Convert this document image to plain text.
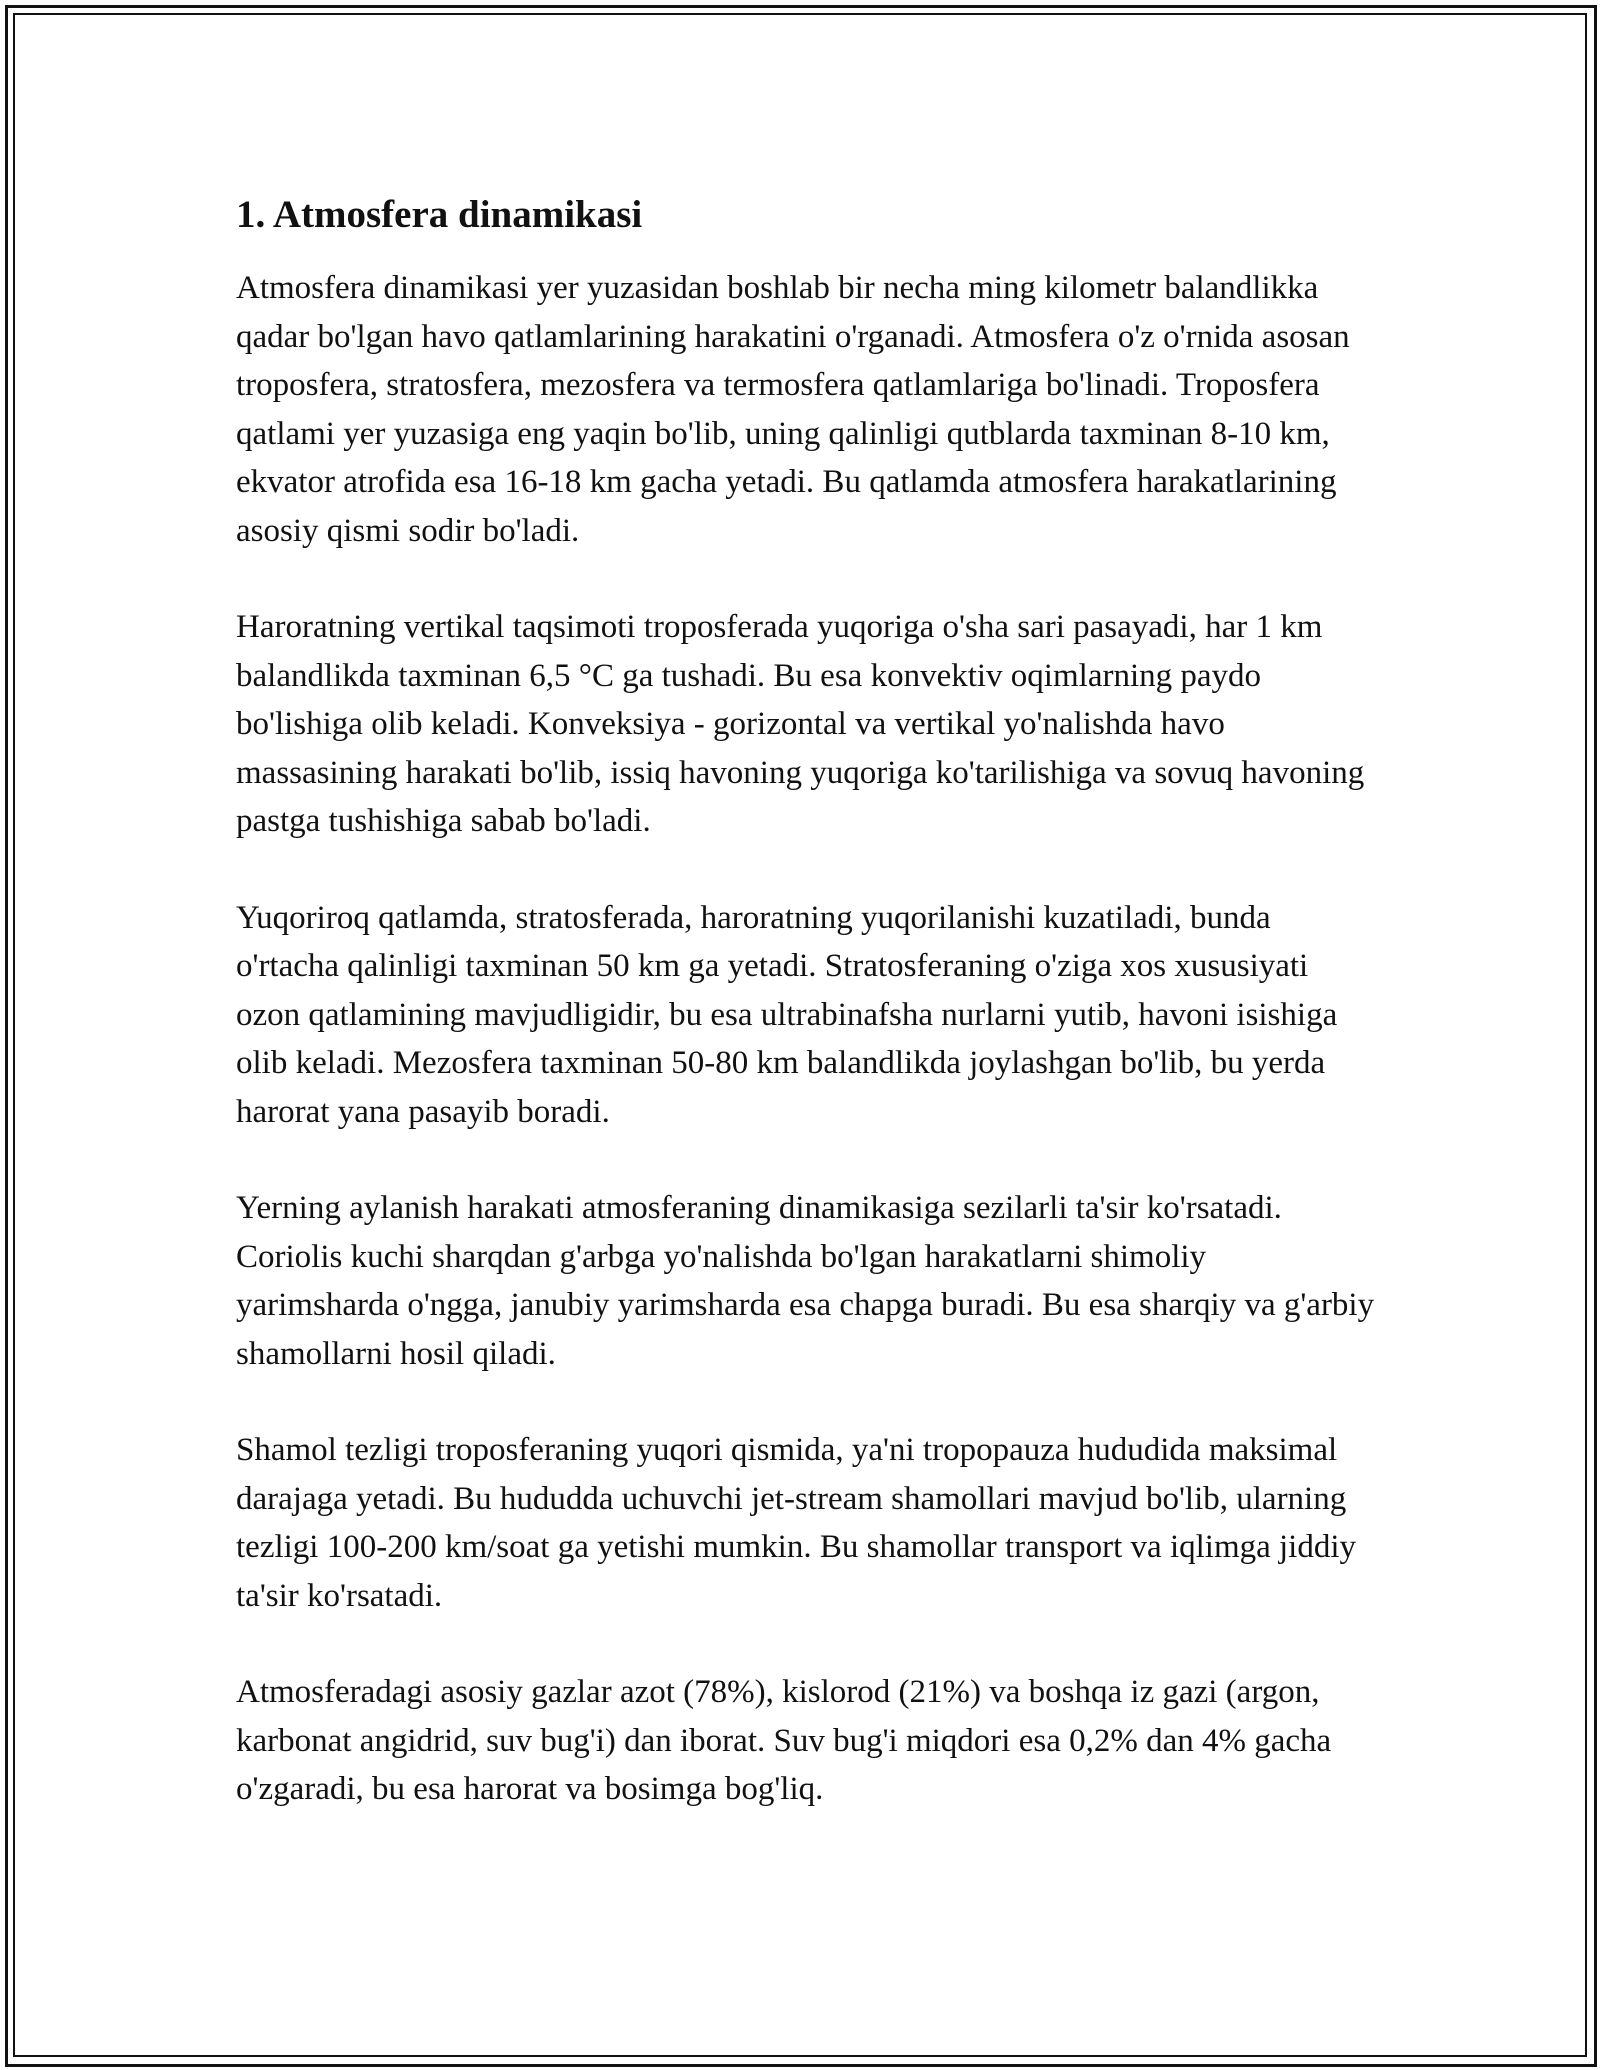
1. Atmosfera dinamikasi

Atmosfera dinamikasi yer yuzasidan boshlab bir necha ming kilometr balandlikka qadar bo'lgan havo qatlamlarining harakatini o'rganadi. Atmosfera o'z o'rnida asosan troposfera, stratosfera, mezosfera va termosfera qatlamlariga bo'linadi. Troposfera qatlami yer yuzasiga eng yaqin bo'lib, uning qalinligi qutblarda taxminan 8-10 km, ekvator atrofida esa 16-18 km gacha yetadi. Bu qatlamda atmosfera harakatlarining asosiy qismi sodir bo'ladi.

Haroratning vertikal taqsimoti troposferada yuqoriga o'sha sari pasayadi, har 1 km balandlikda taxminan 6,5 °C ga tushadi. Bu esa konvektiv oqimlarning paydo bo'lishiga olib keladi. Konveksiya - gorizontal va vertikal yo'nalishda havo massasining harakati bo'lib, issiq havoning yuqoriga ko'tarilishiga va sovuq havoning pastga tushishiga sabab bo'ladi.

Yuqoriroq qatlamda, stratosferada, haroratning yuqorilanishi kuzatiladi, bunda o'rtacha qalinligi taxminan 50 km ga yetadi. Stratosferaning o'ziga xos xususiyati ozon qatlamining mavjudligidir, bu esa ultrabinafsha nurlarni yutib, havoni isishiga olib keladi. Mezosfera taxminan 50-80 km balandlikda joylashgan bo'lib, bu yerda harorat yana pasayib boradi.

Yerning aylanish harakati atmosferaning dinamikasiga sezilarli ta'sir ko'rsatadi. Coriolis kuchi sharqdan g'arbga yo'nalishda bo'lgan harakatlarni shimoliy yarimsharda o'ngga, janubiy yarimsharda esa chapga buradi. Bu esa sharqiy va g'arbiy shamollarni hosil qiladi.

Shamol tezligi troposferaning yuqori qismida, ya'ni tropopauza hududida maksimal darajaga yetadi. Bu hududda uchuvchi jet-stream shamollari mavjud bo'lib, ularning tezligi 100-200 km/soat ga yetishi mumkin. Bu shamollar transport va iqlimga jiddiy ta'sir ko'rsatadi.

Atmosferadagi asosiy gazlar azot (78%), kislorod (21%) va boshqa iz gazi (argon, karbonat angidrid, suv bug'i) dan iborat. Suv bug'i miqdori esa 0,2% dan 4% gacha o'zgaradi, bu esa harorat va bosimga bog'liq.
